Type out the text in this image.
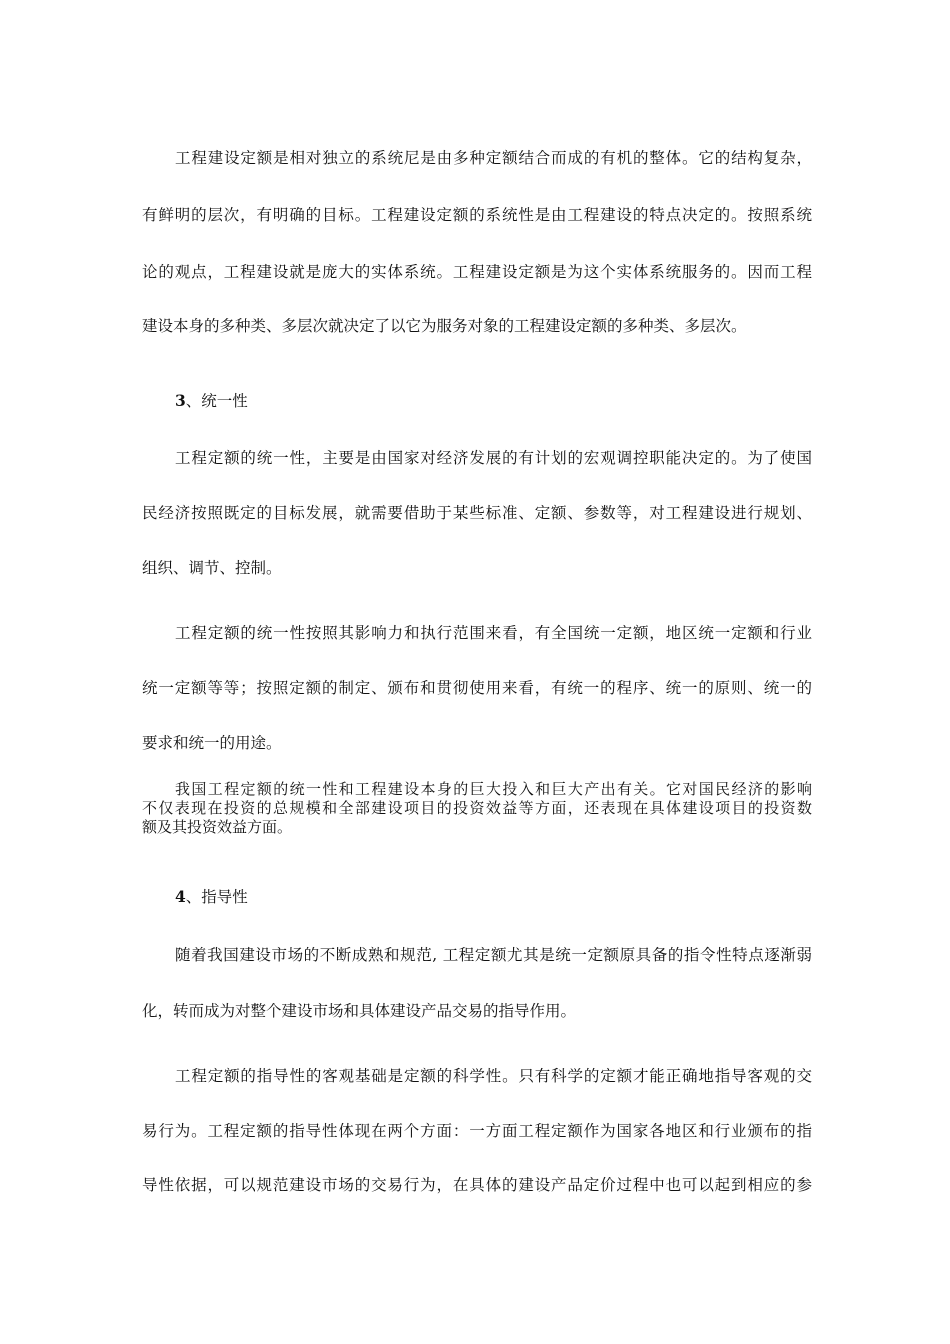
工程建设定额是相对独立的系统尼是由多种定额结合而成的有机的整体。它的结构复杂，
有鲜明的层次，有明确的目标。工程建设定额的系统性是由工程建设的特点决定的。按照系统
论的观点，工程建设就是庞大的实体系统。工程建设定额是为这个实体系统服务的。因而工程
建设本身的多种类、多层次就决定了以它为服务对象的工程建设定额的多种类、多层次。
3、统一性
工程定额的统一性，主要是由国家对经济发展的有计划的宏观调控职能决定的。为了使国
民经济按照既定的目标发展，就需要借助于某些标准、定额、参数等，对工程建设进行规划、
组织、调节、控制。
工程定额的统一性按照其影响力和执行范围来看，有全国统一定额，地区统一定额和行业
统一定额等等；按照定额的制定、颁布和贯彻使用来看，有统一的程序、统一的原则、统一的
要求和统一的用途。
我国工程定额的统一性和工程建设本身的巨大投入和巨大产出有关。它对国民经济的影响
不仅表现在投资的总规模和全部建设项目的投资效益等方面，还表现在具体建设项目的投资数
额及其投资效益方面。
4、指导性
随着我国建设市场的不断成熟和规范, 工程定额尤其是统一定额原具备的指令性特点逐渐弱
化，转而成为对整个建设市场和具体建设产品交易的指导作用。
工程定额的指导性的客观基础是定额的科学性。只有科学的定额才能正确地指导客观的交
易行为。工程定额的指导性体现在两个方面：一方面工程定额作为国家各地区和行业颁布的指
导性依据，可以规范建设市场的交易行为，在具体的建设产品定价过程中也可以起到相应的参
